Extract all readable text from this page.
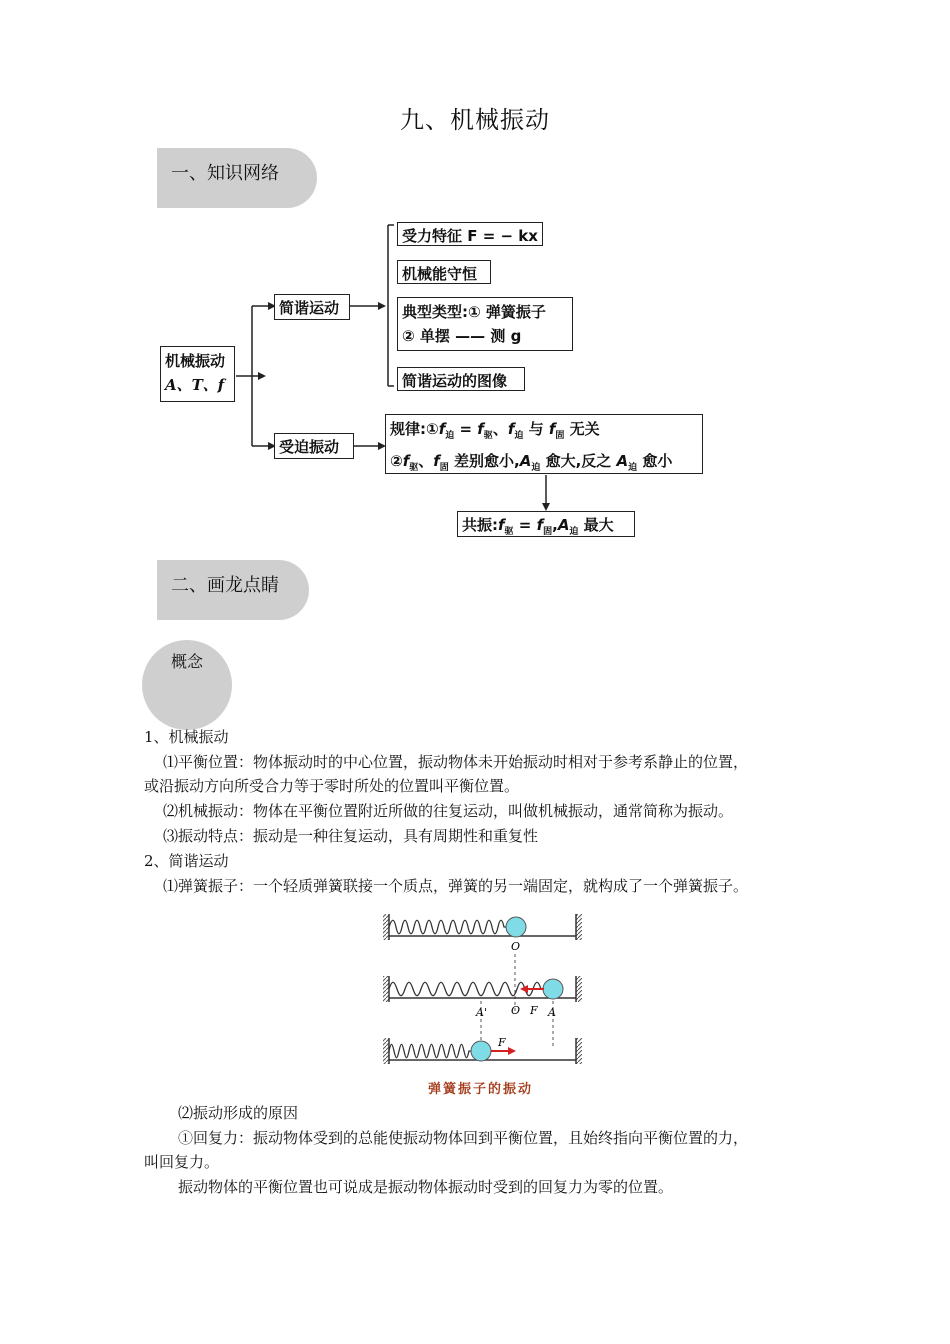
九、机械振动
一、知识网络
机械振动
A、T、f
简谐运动
受迫振动
受力特征 F = − kx
机械能守恒
典型类型:① 弹簧振子
② 单摆 —— 测 g
简谐运动的图像
规律$:①f_迫 = f_驱$、$f_迫$ 与 $f_固$ 无关
$②f_驱$、$f_固$ 差别愈小$,A_迫$ 愈大,反之 $A_迫$ 愈小
共振$:f_驱 = f_固,A_迫$ 最大
二、画龙点睛
概念
1、机械振动
⑴平衡位置：物体振动时的中心位置，振动物体未开始振动时相对于参考系静止的位置，
或沿振动方向所受合力等于零时所处的位置叫平衡位置。
⑵机械振动：物体在平衡位置附近所做的往复运动，叫做机械振动，通常简称为振动。
⑶振动特点：振动是一种往复运动，具有周期性和重复性
2、简谐运动
⑴弹簧振子：一个轻质弹簧联接一个质点，弹簧的另一端固定，就构成了一个弹簧振子。
O
O F
A'	A
F
弹簧振子的振动
⑵振动形成的原因
①回复力：振动物体受到的总能使振动物体回到平衡位置，且始终指向平衡位置的力，
叫回复力。
振动物体的平衡位置也可说成是振动物体振动时受到的回复力为零的位置。
